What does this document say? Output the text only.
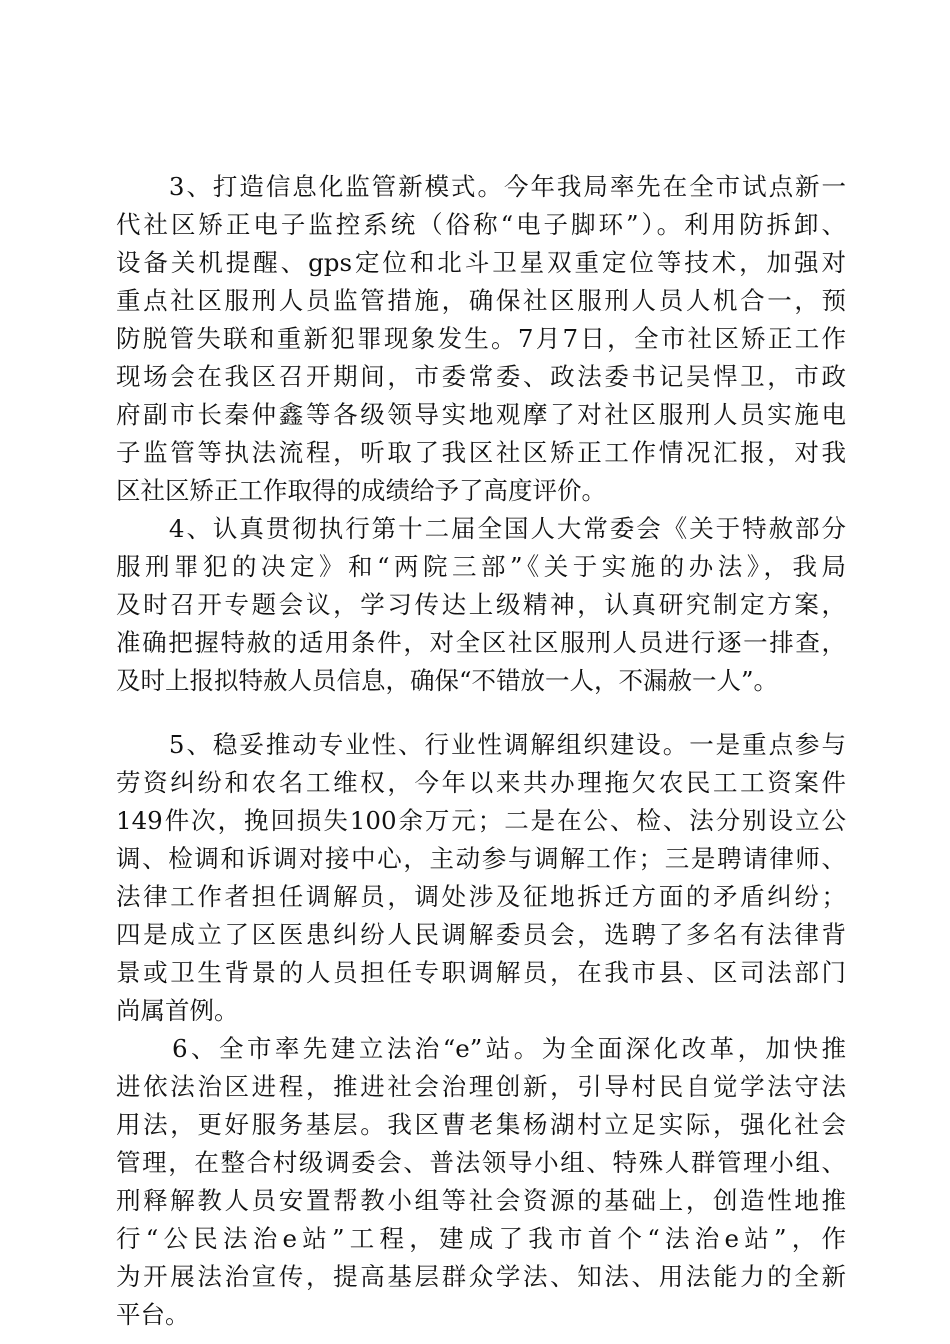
　　3、打造信息化监管新模式。今年我局率先在全市试点新一
代社区矫正电子监控系统（俗称“电子脚环”）。利用防拆卸、
设备关机提醒、gps定位和北斗卫星双重定位等技术，加强对
重点社区服刑人员监管措施，确保社区服刑人员人机合一，预
防脱管失联和重新犯罪现象发生。7月7日，全市社区矫正工作
现场会在我区召开期间，市委常委、政法委书记吴悍卫，市政
府副市长秦仲鑫等各级领导实地观摩了对社区服刑人员实施电
子监管等执法流程，听取了我区社区矫正工作情况汇报，对我
区社区矫正工作取得的成绩给予了高度评价。
　　4、认真贯彻执行第十二届全国人大常委会《关于特赦部分
服刑罪犯的决定》和“两院三部”《关于实施的办法》，我局
及时召开专题会议，学习传达上级精神，认真研究制定方案，
准确把握特赦的适用条件，对全区社区服刑人员进行逐一排查，
及时上报拟特赦人员信息，确保“不错放一人，不漏赦一人”。
　　5、稳妥推动专业性、行业性调解组织建设。一是重点参与
劳资纠纷和农名工维权，今年以来共办理拖欠农民工工资案件
149件次，挽回损失100余万元；二是在公、检、法分别设立公
调、检调和诉调对接中心，主动参与调解工作；三是聘请律师、
法律工作者担任调解员，调处涉及征地拆迁方面的矛盾纠纷；
四是成立了区医患纠纷人民调解委员会，选聘了多名有法律背
景或卫生背景的人员担任专职调解员，在我市县、区司法部门
尚属首例。
　　6、全市率先建立法治“e”站。为全面深化改革，加快推
进依法治区进程，推进社会治理创新，引导村民自觉学法守法
用法，更好服务基层。我区曹老集杨湖村立足实际，强化社会
管理，在整合村级调委会、普法领导小组、特殊人群管理小组、
刑释解教人员安置帮教小组等社会资源的基础上，创造性地推
行“公民法治e站”工程，建成了我市首个“法治e站”，作
为开展法治宣传，提高基层群众学法、知法、用法能力的全新
平台。
